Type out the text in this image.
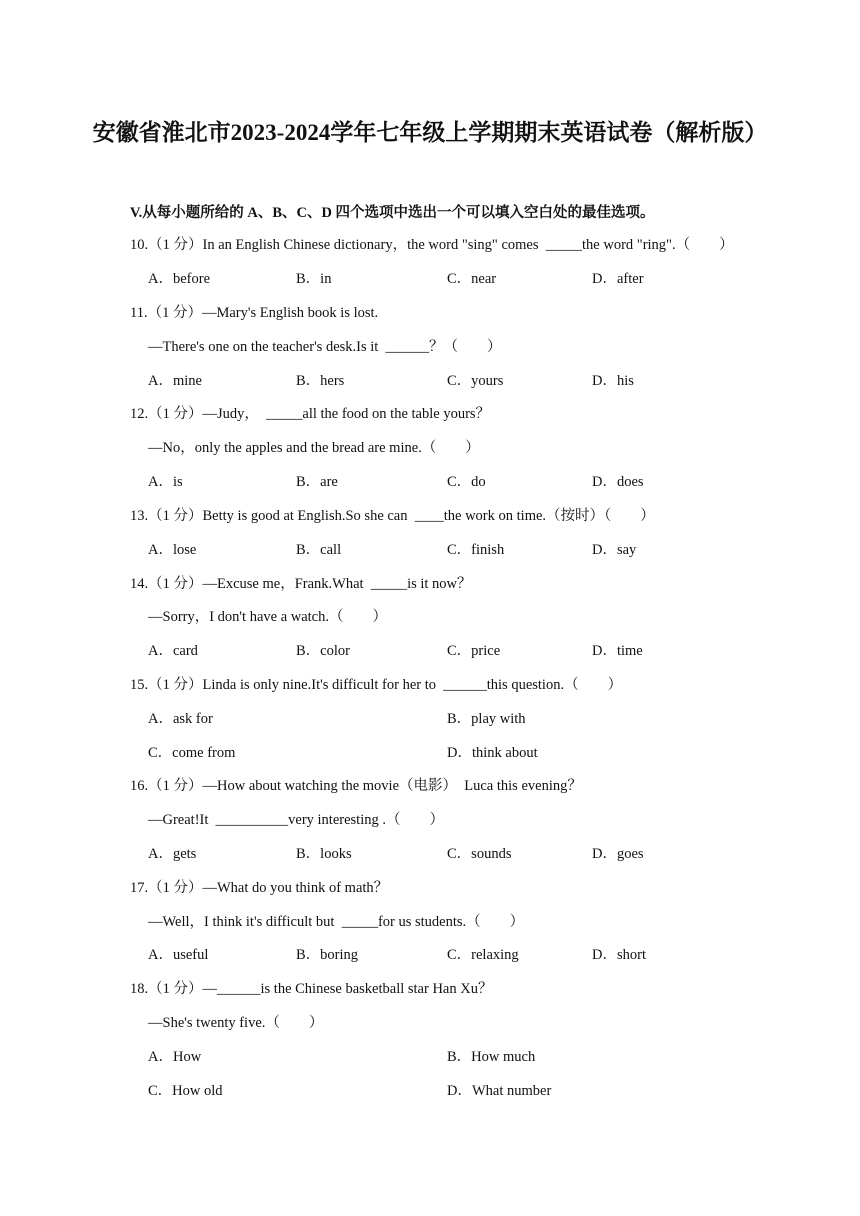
安徽省淮北市2023-2024学年七年级上学期期末英语试卷（解析版）
V.从每小题所给的 A、B、C、D 四个选项中选出一个可以填入空白处的最佳选项。
10.（1 分）In an English Chinese dictionary，the word "sing" comes  _____the word "ring".（        ）
A．before	B．in	C．near	D．after
11.（1 分）—Mary's English book is lost.
—There's one on the teacher's desk.Is it  ______？（        ）
A．mine	B．hers	C．yours	D．his
12.（1 分）—Judy，  _____all the food on the table yours？
—No，only the apples and the bread are mine.（        ）
A．is	B．are	C．do	D．does
13.（1 分）Betty is good at English.So she can  ____the work on time.（按时）（        ）
A．lose	B．call	C．finish	D．say
14.（1 分）—Excuse me，Frank.What  _____is it now？
—Sorry，I don't have a watch.（        ）
A．card	B．color	C．price	D．time
15.（1 分）Linda is only nine.It's difficult for her to  ______this question.（        ）
A．ask for	B．play with
C．come from	D．think about
16.（1 分）—How about watching the movie（电影）  Luca this evening？
—Great!It  __________very interesting .（        ）
A．gets	B．looks	C．sounds	D．goes
17.（1 分）—What do you think of math？
—Well，I think it's difficult but  _____for us students.（        ）
A．useful	B．boring	C．relaxing	D．short
18.（1 分）—______is the Chinese basketball star Han Xu？
—She's twenty five.（        ）
A．How	B．How much
C．How old	D．What number
